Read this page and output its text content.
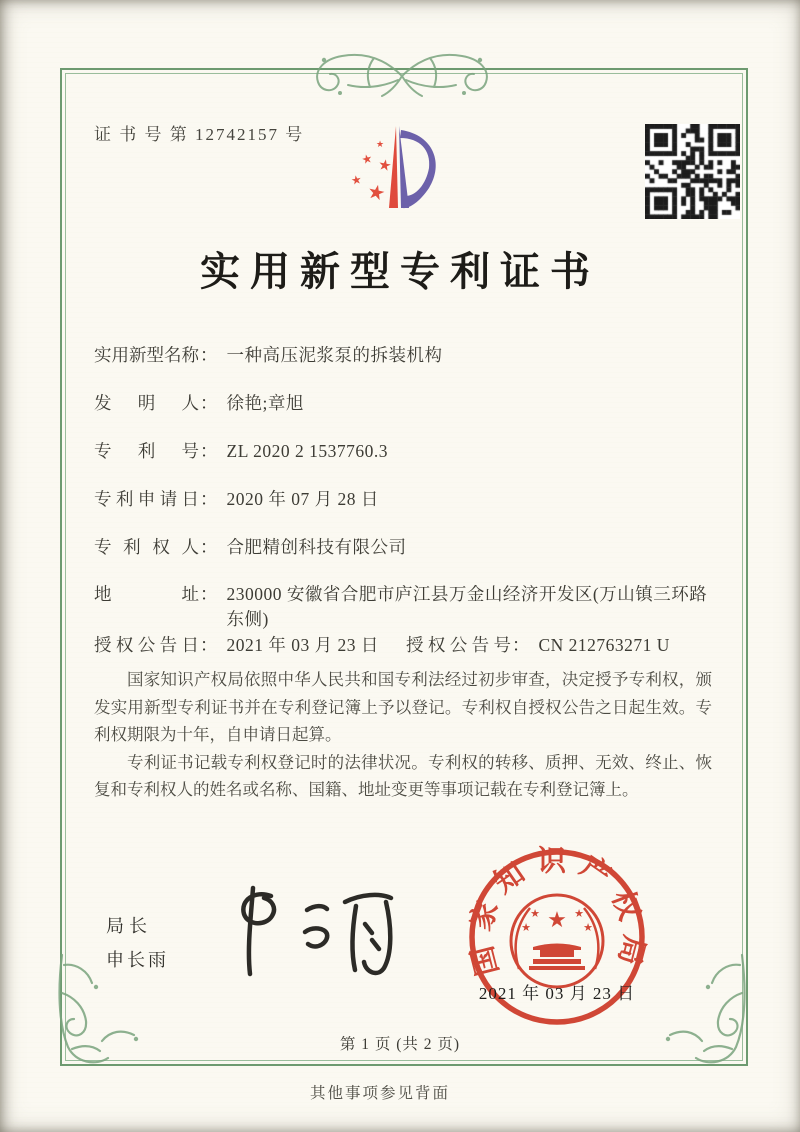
证 书 号 第 12742157 号	★
★ ★
★
★
实用新型专利证书
实用新型名称 ： 一种高压泥浆泵的拆装机构
发明人 ： 徐艳;章旭
专利号 ： ZL 2020 2 1537760.3
专利申请日 ： 2020 年 07 月 28 日
专利权人 ： 合肥精创科技有限公司
地址 ： 230000 安徽省合肥市庐江县万金山经济开发区(万山镇三环路东侧)
授权公告日 ： 2021 年 03 月 23 日 授权公告号 ： CN 212763271 U

国家知识产权局依照中华人民共和国专利法经过初步审查，决定授予专利权，颁发实用新型专利证书并在专利登记簿上予以登记。专利权自授权公告之日起生效。专利权期限为十年，自申请日起算。

专利证书记载专利权登记时的法律状况。专利权的转移、质押、无效、终止、恢复和专利权人的姓名或名称、国籍、地址变更等事项记载在专利登记簿上。

局长
申长雨	国家知识产权局
★
★	★
★	★
2021 年 03 月 23 日
第 1 页 (共 2 页)
其他事项参见背面
